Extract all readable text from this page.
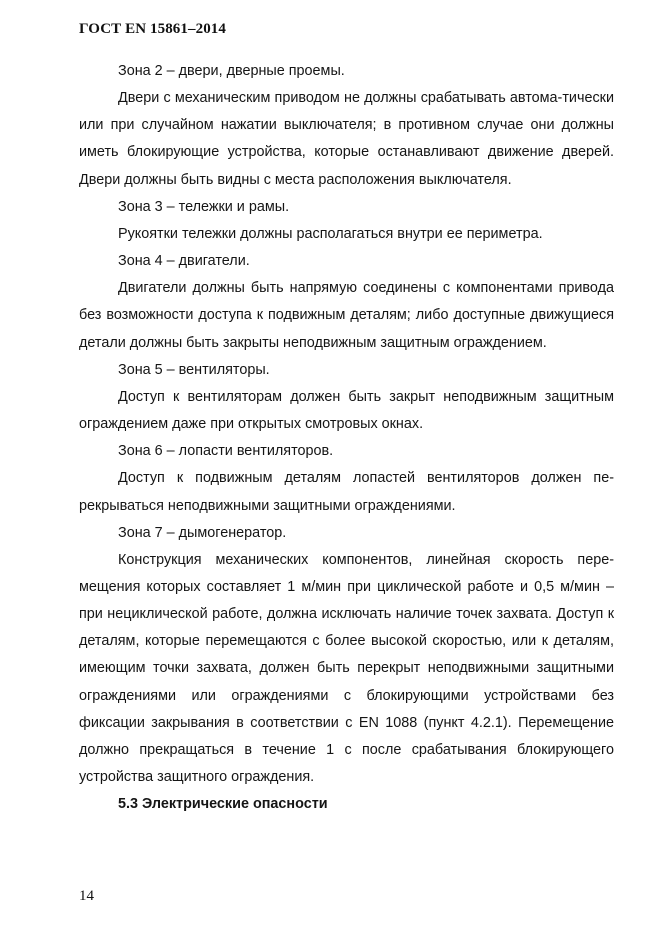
ГОСТ EN 15861–2014

Зона 2 – двери, дверные проемы.

Двери с механическим приводом не должны срабатывать автома-тически или при случайном нажатии выключателя; в противном случае они должны иметь блокирующие устройства, которые останавливают движение дверей. Двери должны быть видны с места расположения выключателя.

Зона 3 – тележки и рамы.

Рукоятки тележки должны располагаться внутри ее периметра.

Зона 4 – двигатели.

Двигатели должны быть напрямую соединены с компонентами привода без возможности доступа к подвижным деталям; либо доступные движущиеся детали должны быть закрыты неподвижным защитным ограждением.

Зона 5 – вентиляторы.

Доступ к вентиляторам должен быть закрыт неподвижным защитным ограждением даже при открытых смотровых окнах.

Зона 6 – лопасти вентиляторов.

Доступ к подвижным деталям лопастей вентиляторов должен перекрываться неподвижными защитными ограждениями.

Зона 7 – дымогенератор.

Конструкция механических компонентов, линейная скорость перемещения которых составляет 1 м/мин при циклической работе и 0,5 м/мин – при нециклической работе, должна исключать наличие точек захвата. Доступ к деталям, которые перемещаются с более высокой скоростью, или к деталям, имеющим точки захвата, должен быть перекрыт неподвижными защитными ограждениями или ограждениями с блокирующими устройствами без фиксации закрывания в соответствии с EN 1088 (пункт 4.2.1). Перемещение должно прекращаться в течение 1 с после срабатывания блокирующего устройства защитного ограждения.

5.3 Электрические опасности

14
